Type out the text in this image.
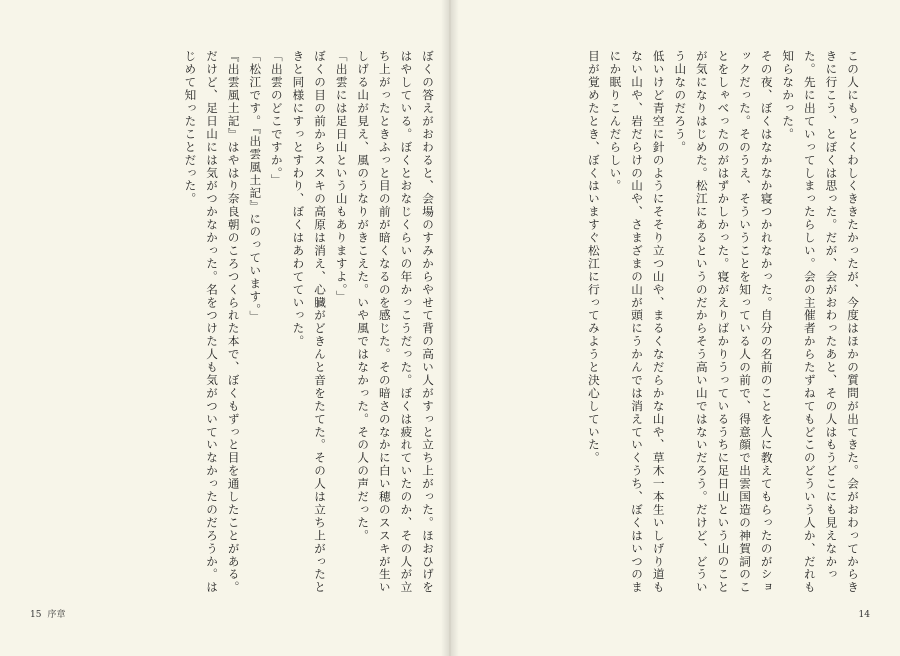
ぼくの答えがおわると、会場のすみからやせて背の高い人がすっと立ち上がった。ほおひげをはやしている。ぼくとおなじくらいの年かっこうだった。ぼくは疲れていたのか、その人が立ち上がったときふっと目の前が暗くなるのを感じた。その暗さのなかに白い穂のススキが生いしげる山が見え、風のうなりがきこえた。いや風ではなかった。その人の声だった。

「出雲には足日山という山もありますよ。」

ぼくの目の前からススキの高原は消え、心臓がどきんと音をたてた。その人は立ち上がったときと同様にすっとすわり、ぼくはあわてていった。

「出雲のどこですか。」

「松江です。『出雲風土記』にのっています。」

『出雲風土記』はやはり奈良朝のころつくられた本で、ぼくもずっと目を通したことがある。だけど、足日山には気がつかなかった。名をつけた人も気がついていなかったのだろうか。はじめて知ったことだった。

15 序章

この人にもっとくわしくききたかったが、今度はほかの質問が出てきた。会がおわってからききに行こう、とぼくは思った。だが、会がおわったあと、その人はもうどこにも見えなかった。先に出ていってしまったらしい。会の主催者からたずねてもどこのどういう人か、だれも知らなかった。

その夜、ぼくはなかなか寝つかれなかった。自分の名前のことを人に教えてもらったのがショックだった。そのうえ、そういうことを知っている人の前で、得意顔で出雲国造の神賀詞のことをしゃべったのがはずかしかった。寝がえりばかりうっているうちに足日山という山のことが気になりはじめた。松江にあるというのだからそう高い山ではないだろう。だけど、どういう山なのだろう。

低いけど青空に針のようにそそり立つ山や、まるくなだらかな山や、草木一本生いしげり道もない山や、岩だらけの山や、さまざまの山が頭にうかんでは消えていくうち、ぼくはいつのまにか眠りこんだらしい。

目が覚めたとき、ぼくはいますぐ松江に行ってみようと決心していた。

14
